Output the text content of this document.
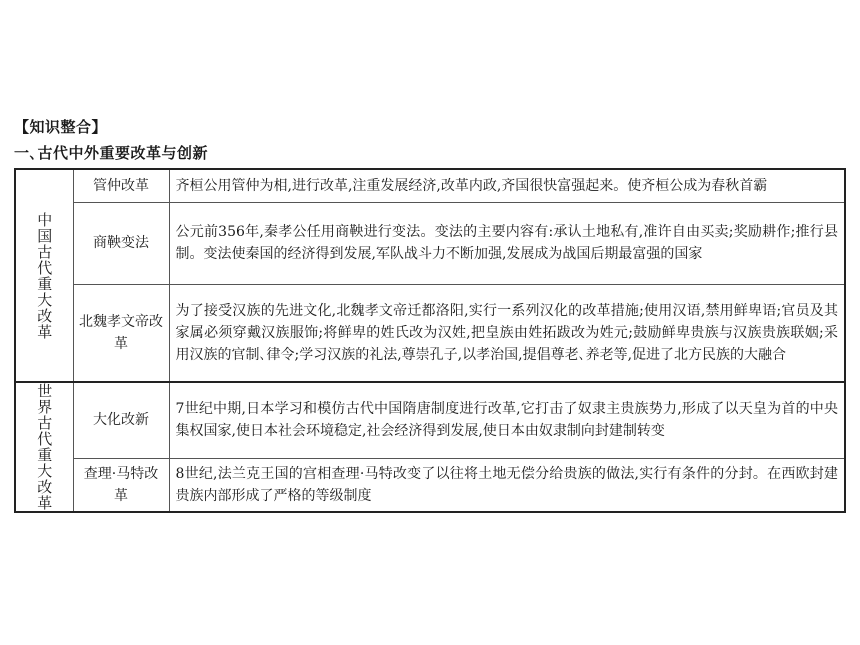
【知识整合】
一､古代中外重要改革与创新
中国古代重大改革	管仲改革	齐桓公用管仲为相,进行改革,注重发展经济,改革内政,齐国很快富强起来。使齐桓公成为春秋首霸
	商鞅变法	公元前356年,秦孝公任用商鞅进行变法。变法的主要内容有:承认土地私有,准许自由买卖;奖励耕作;推行县制。变法使秦国的经济得到发展,军队战斗力不断加强,发展成为战国后期最富强的国家
	北魏孝文帝改革	为了接受汉族的先进文化,北魏孝文帝迁都洛阳,实行一系列汉化的改革措施;使用汉语,禁用鲜卑语;官员及其家属必须穿戴汉族服饰;将鲜卑的姓氏改为汉姓,把皇族由姓拓跋改为姓元;鼓励鲜卑贵族与汉族贵族联姻;采用汉族的官制､律令;学习汉族的礼法,尊崇孔子,以孝治国,提倡尊老､养老等,促进了北方民族的大融合
世界古代重大改革	大化改新	7世纪中期,日本学习和模仿古代中国隋唐制度进行改革,它打击了奴隶主贵族势力,形成了以天皇为首的中央集权国家,使日本社会环境稳定,社会经济得到发展,使日本由奴隶制向封建制转变
	查理·马特改革	8世纪,法兰克王国的宫相查理·马特改变了以往将土地无偿分给贵族的做法,实行有条件的分封。在西欧封建贵族内部形成了严格的等级制度
